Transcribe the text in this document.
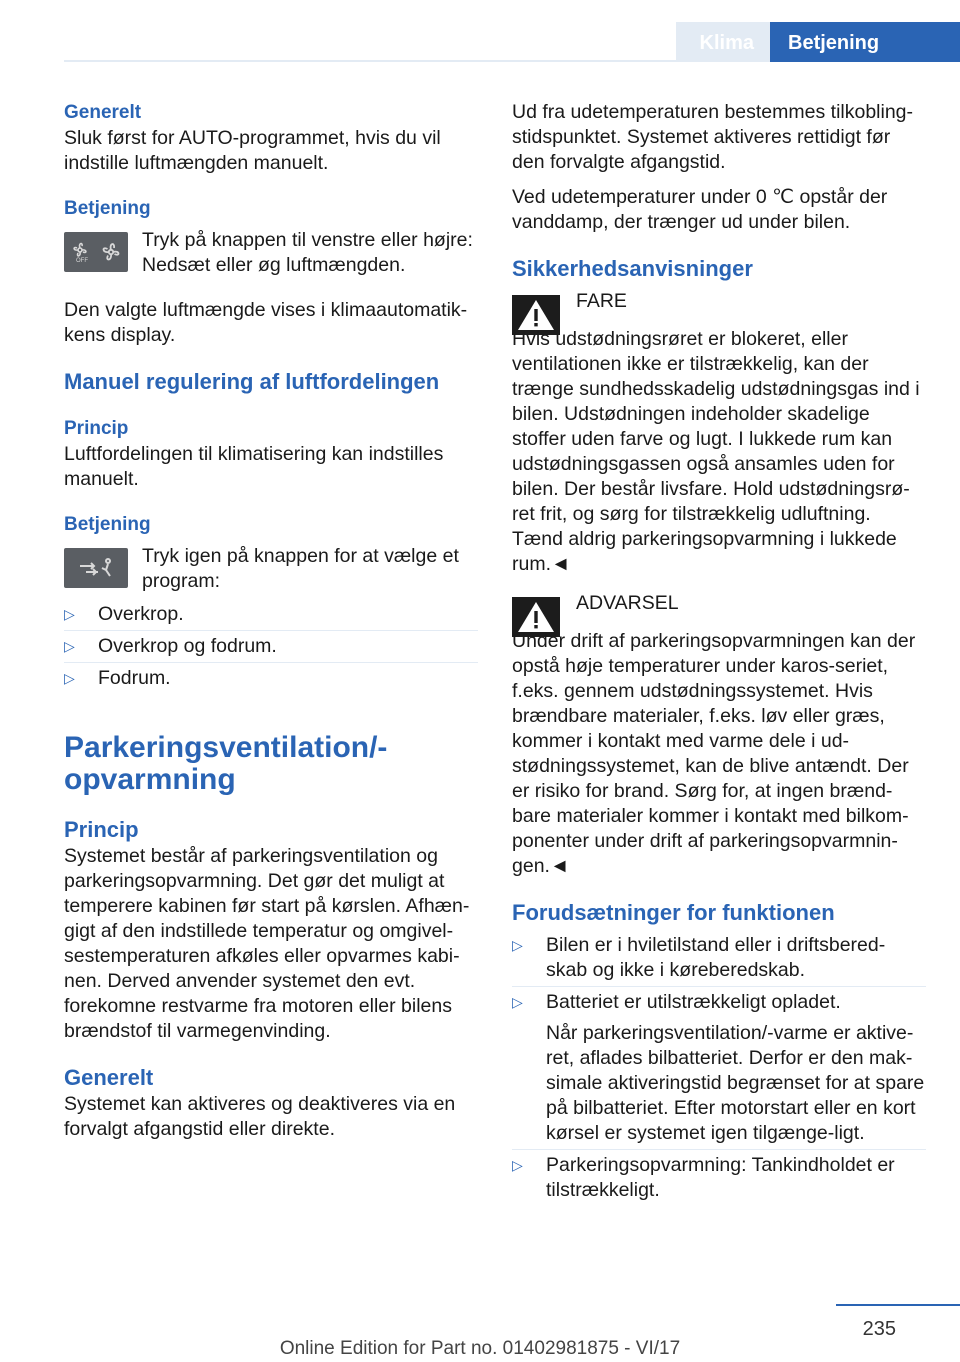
Klima	Betjening
Generelt

Sluk først for AUTO-programmet, hvis du vil indstille luftmængden manuelt.

Betjening
OFF

Tryk på knappen til venstre eller højre: Nedsæt eller øg luftmængden.

Den valgte luftmængde vises i klimaautomatik-kens display.

Manuel regulering af luftfordelingen
Princip

Luftfordelingen til klimatisering kan indstilles manuelt.

Betjening

Tryk igen på knappen for at vælge et program:

▷ Overkrop.
▷ Overkrop og fodrum.
▷ Fodrum.
Parkeringsventilation/-opvarmning
Princip

Systemet består af parkeringsventilation og parkeringsopvarmning. Det gør det muligt at temperere kabinen før start på kørslen. Afhæn-gigt af den indstillede temperatur og omgivel-sestemperaturen afkøles eller opvarmes kabi-nen. Derved anvender systemet den evt. forekomne restvarme fra motoren eller bilens brændstof til varmegenvinding.

Generelt

Systemet kan aktiveres og deaktiveres via en forvalgt afgangstid eller direkte.

Ud fra udetemperaturen bestemmes tilkobling-stidspunktet. Systemet aktiveres rettidigt før den forvalgte afgangstid.

Ved udetemperaturer under 0 ℃ opstår der vanddamp, der trænger ud under bilen.

Sikkerhedsanvisninger

FARE

Hvis udstødningsrøret er blokeret, eller ventilationen ikke er tilstrækkelig, kan der trænge sundhedsskadelig udstødningsgas ind i bilen. Udstødningen indeholder skadelige stoffer uden farve og lugt. I lukkede rum kan udstødningsgassen også ansamles uden for bilen. Der består livsfare. Hold udstødningsrø-ret frit, og sørg for tilstrækkelig udluftning. Tænd aldrig parkeringsopvarmning i lukkede rum.◄

ADVARSEL

Under drift af parkeringsopvarmningen kan der opstå høje temperaturer under karos-seriet, f.eks. gennem udstødningssystemet. Hvis brændbare materialer, f.eks. løv eller græs, kommer i kontakt med varme dele i ud-stødningssystemet, kan de blive antændt. Der er risiko for brand. Sørg for, at ingen brænd-bare materialer kommer i kontakt med bilkom-ponenter under drift af parkeringsopvarmnin-gen.◄

Forudsætninger for funktionen
▷ Bilen er i hviletilstand eller i driftsbered-skab og ikke i køreberedskab.
▷ Batteriet er utilstrækkeligt opladet.

Når parkeringsventilation/-varme er aktive-ret, aflades bilbatteriet. Derfor er den mak-simale aktiveringstid begrænset for at spare på bilbatteriet. Efter motorstart eller en kort kørsel er systemet igen tilgænge-ligt.

▷ Parkeringsopvarmning: Tankindholdet er tilstrækkeligt.
235
Online Edition for Part no. 01402981875 - VI/17
